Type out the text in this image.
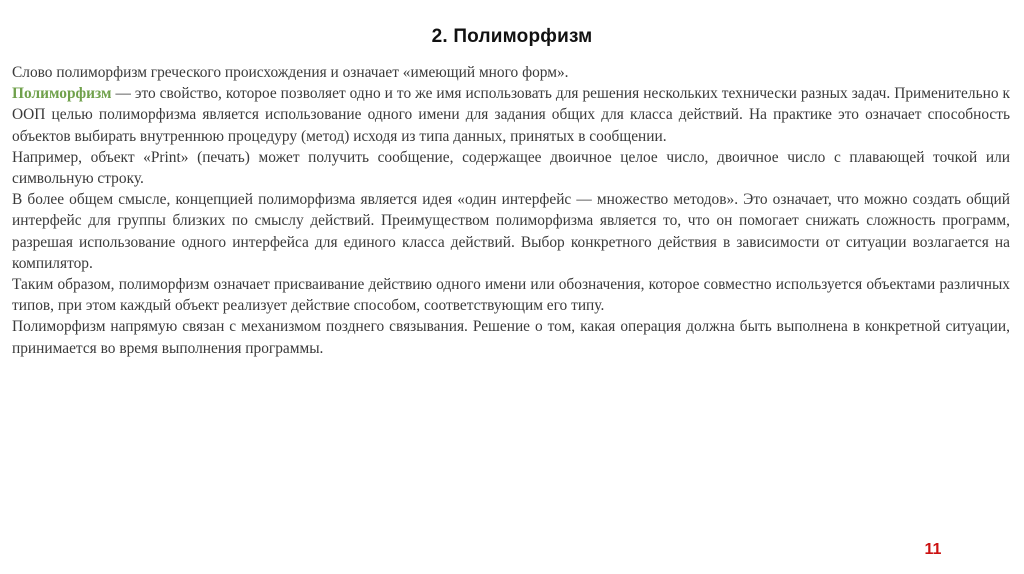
2. Полиморфизм

Слово полиморфизм греческого происхождения и означает «имеющий много форм».

Полиморфизм — это свойство, которое позволяет одно и то же имя использовать для решения нескольких технически разных задач. Применительно к ООП целью полиморфизма является использование одного имени для задания общих для класса действий. На практике это означает способность объектов выбирать внутреннюю процедуру (метод) исходя из типа данных, принятых в сообщении.

Например, объект «Print» (печать) может получить сообщение, содержащее двоичное целое число, двоичное число с плавающей точкой или символьную строку.

В более общем смысле, концепцией полиморфизма является идея «один интерфейс — множество методов». Это означает, что можно создать общий интерфейс для группы близких по смыслу действий. Преимуществом полиморфизма является то, что он помогает снижать сложность программ, разрешая использование одного интерфейса для единого класса действий. Выбор конкретного действия в зависимости от ситуации возлагается на компилятор.

Таким образом, полиморфизм означает присваивание действию одного имени или обозначения, которое совместно используется объектами различных типов, при этом каждый объект реализует действие способом, соответствующим его типу.

Полиморфизм напрямую связан с механизмом позднего связывания. Решение о том, какая операция должна быть выполнена в конкретной ситуации, принимается во время выполнения программы.

11
